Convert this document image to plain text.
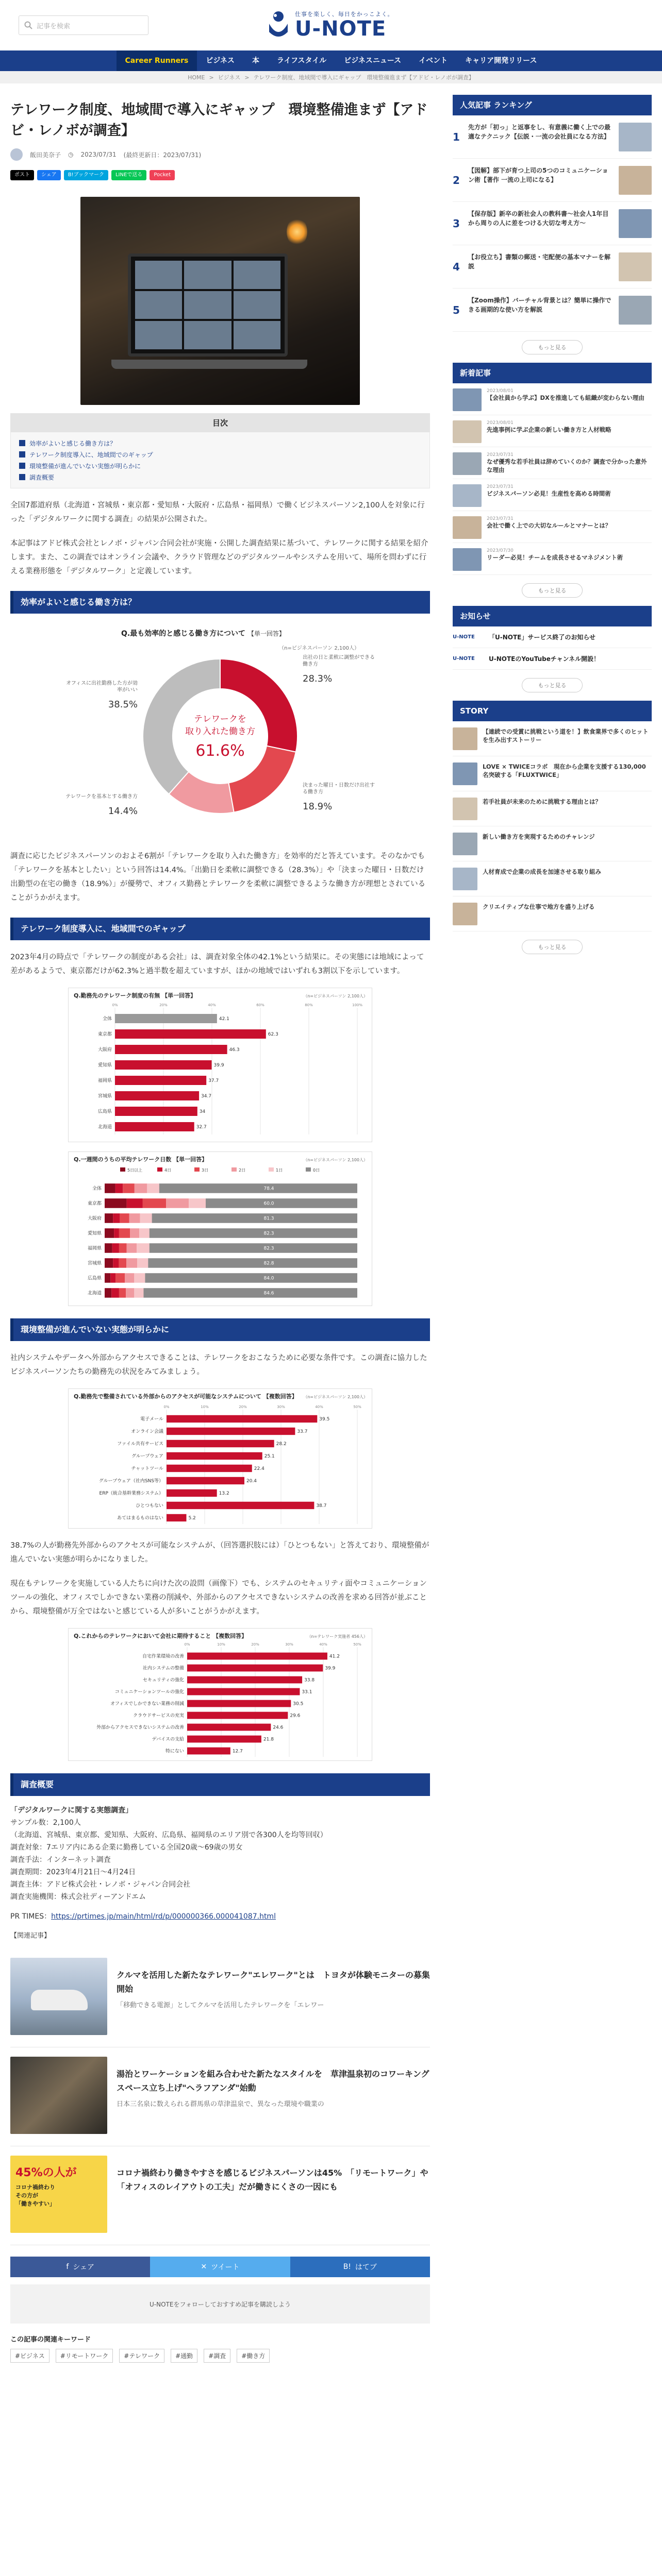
記事を検索
仕事を楽しく、毎日をかっこよく。
U-NOTE
Career Runners	ビジネス	本	ライフスタイル	ビジネスニュース	イベント	キャリア開発リリース
HOME > ビジネス > テレワーク制度、地域間で導入にギャップ　環境整備進まず【アドビ・レノボが調査】
テレワーク制度、地域間で導入にギャップ　環境整備進まず【アドビ・レノボが調査】
飯田美奈子 ◷ 2023/07/31 (最終更新日：2023/07/31)
ポスト	シェア	B!ブックマーク	LINEで送る	Pocket
目次
効率がよいと感じる働き方は？
テレワーク制度導入に、地域間でのギャップ
環境整備が進んでいない実態が明らかに
調査概要

全国7都道府県（北海道・宮城県・東京都・愛知県・大阪府・広島県・福岡県）で働くビジネスパーソン2,100人を対象に行った「デジタルワークに関する調査」の結果が公開された。

本記事はアドビ株式会社とレノボ・ジャパン合同会社が実施・公開した調査結果に基づいて、テレワークに関する結果を紹介します。また、この調査ではオンライン会議や、クラウド管理などのデジタルツールやシステムを用いて、場所を問わずに行える業務形態を「デジタルワーク」と定義しています。

効率がよいと感じる働き方は？
Q.最も効率的と感じる働き方について 【単一回答】
（n=ビジネスパーソン 2,100人）
出社の日と柔軟に調整ができる
働き方
28.3%
決まった曜日・日数だけ出社す
る働き方
18.9%
テレワークを基本とする働き方
14.4%
オフィスに出社勤務した方が効
率がいい
38.5%
テレワークを
取り入れた働き方
61.6%

調査に応じたビジネスパーソンのおよそ6割が「テレワークを取り入れた働き方」を効率的だと答えています。そのなかでも「テレワークを基本としたい」という回答は14.4%。「出勤日を柔軟に調整できる（28.3%）」や「決まった曜日・日数だけ出勤型の在宅の働き（18.9%）」が優勢で、オフィス勤務とテレワークを柔軟に調整できるような働き方が理想とされていることがうかがえます。

テレワーク制度導入に、地域間でのギャップ

2023年4月の時点で「テレワークの制度がある会社」は、調査対象全体の42.1%という結果に。その実態には地域によって差があるようで、東京都だけが62.3%と過半数を超えていますが、ほかの地域ではいずれも3割以下を示しています。

Q.勤務先のテレワーク制度の有無 【単一回答】	（n=ビジネスパーソン 2,100人）
0%	20%	40%	60%	80%	100%
全体	42.1
東京都	62.3
大阪府	46.3
愛知県	39.9
福岡県	37.7
宮城県	34.7
広島県	34
北海道	32.7
Q.一週間のうちの平均テレワーク日数 【単一回答】	（n=ビジネスパーソン 2,100人）
5日以上	4日	3日	2日	1日	0日
全体	78.4
東京都	60.0
大阪府	81.3
愛知県	82.3
福岡県	82.3
宮城県	82.8
広島県	84.0
北海道	84.6
環境整備が進んでいない実態が明らかに

社内システムやデータへ外部からアクセスできることは、テレワークをおこなうために必要な条件です。この調査に協力したビジネスパーソンたちの勤務先の状況をみてみましょう。

Q.勤務先で整備されている外部からのアクセスが可能なシステムについて 【複数回答】 （n=ビジネスパーソン 2,100人）
0%	10%	20%	30%	40%	50%
電子メール	39.5
オンライン会議	33.7
ファイル共有サービス	28.2
グループウェア	25.1
チャットツール	22.4
グループウェア（社内SNS等）	20.4
ERP（統合基幹業務システム）	13.2
ひとつもない	38.7
あてはまるものはない	5.2

38.7%の人が勤務先外部からのアクセスが可能なシステムが、（回答選択肢には）「ひとつもない」と答えており、環境整備が進んでいない実態が明らかになりました。

現在もテレワークを実施している人たちに向けた次の設問（画像下）でも、システムのセキュリティ面やコミュニケーションツールの強化、オフィスでしかできない業務の削減や、外部からのアクセスできないシステムの改善を求める回答が並ぶことから、環境整備が万全ではないと感じている人が多いことがうかがえます。

Q.これからのテレワークにおいて会社に期待すること 【複数回答】	（n=テレワーク実施者 456人）
0%	10%	20%	30%	40%	50%
自宅作業環境の改善	41.2
社内システムの整備	39.9
セキュリティの強化	33.8
コミュニケーションツールの強化	33.1
オフィスでしかできない業務の削減	30.5
クラウドサービスの充実	29.6
外部からアクセスできないシステムの改善	24.6
デバイスの支給	21.8
特にない	12.7
調査概要
「デジタルワークに関する実態調査」
サンプル数：2,100人
（北海道、宮城県、東京都、愛知県、大阪府、広島県、福岡県のエリア別で各300人を均等回収）
調査対象：7エリア内にある企業に勤務している全国20歳～69歳の男女
調査手法：インターネット調査
調査期間：2023年4月21日～4月24日
調査主体：アドビ株式会社・レノボ・ジャパン合同会社
調査実施機関：株式会社ディーアンドエム
PR TIMES：https://prtimes.jp/main/html/rd/p/000000366.000041087.html
【関連記事】
クルマを活用した新たなテレワーク"エレワーク"とは　トヨタが体験モニターの募集開始
「移動できる電源」としてクルマを活用したテレワークを「エレワー
湯治とワーケーションを組み合わせた新たなスタイルを　草津温泉初のコワーキングスペース立ち上げ"ヘラフアンダ"始動
日本三名泉に数えられる群馬県の草津温泉で、異なった環境や職業の
45%の人が
コロナ禍終わり
その方が
「働きやすい」
コロナ禍終わり働きやすさを感じるビジネスパーソンは45%　「リモートワーク」や「オフィスのレイアウトの工夫」だが働きにくさの一因にも
f シェア	✕ ツイート	B! はてブ
U-NOTEをフォローしておすすめ記事を購読しよう
この記事の関連キーワード
#ビジネス	#リモートワーク	#テレワーク	#通勤	#調査	#働き方
人気記事 ランキング
1
先方が「初っ」と返事をし、有意義に働く上での最適なテクニック【伝説・一流の会社員になる方法】
2
【図解】部下が育つ上司の5つのコミュニケーション術【著作 一流の上司になる】
3
【保存版】新卒の新社会人の教科書〜社会人1年目から周りの人に差をつける大切な考え方〜
4
【お役立ち】書類の郵送・宅配便の基本マナーを解説
5
【Zoom操作】バーチャル背景とは？簡単に操作できる画期的な使い方を解説
もっと見る
新着記事
2023/08/01
【会社員から学ぶ】DXを推進しても組織が変わらない理由
2023/08/01
先進事例に学ぶ企業の新しい働き方と人材戦略
2023/07/31
なぜ優秀な若手社員は辞めていくのか？調査で分かった意外な理由
2023/07/31
ビジネスパーソン必見！生産性を高める時間術
2023/07/31
会社で働く上での大切なルールとマナーとは？
2023/07/30
リーダー必見！チームを成長させるマネジメント術
もっと見る
お知らせ
U-NOTE	「U-NOTE」サービス終了のお知らせ
U-NOTE	U-NOTEのYouTubeチャンネル開設！
もっと見る
STORY
【連続での受賞に挑戦という道を！】飲食業界で多くのヒットを生み出すストーリー
LOVE × TWICEコラボ　現在から企業を支援する130,000名突破する「FLUXTWICE」
若手社員が未来のために挑戦する理由とは？
新しい働き方を実現するためのチャレンジ
人材育成で企業の成長を加速させる取り組み
クリエイティブな仕事で地方を盛り上げる
もっと見る
